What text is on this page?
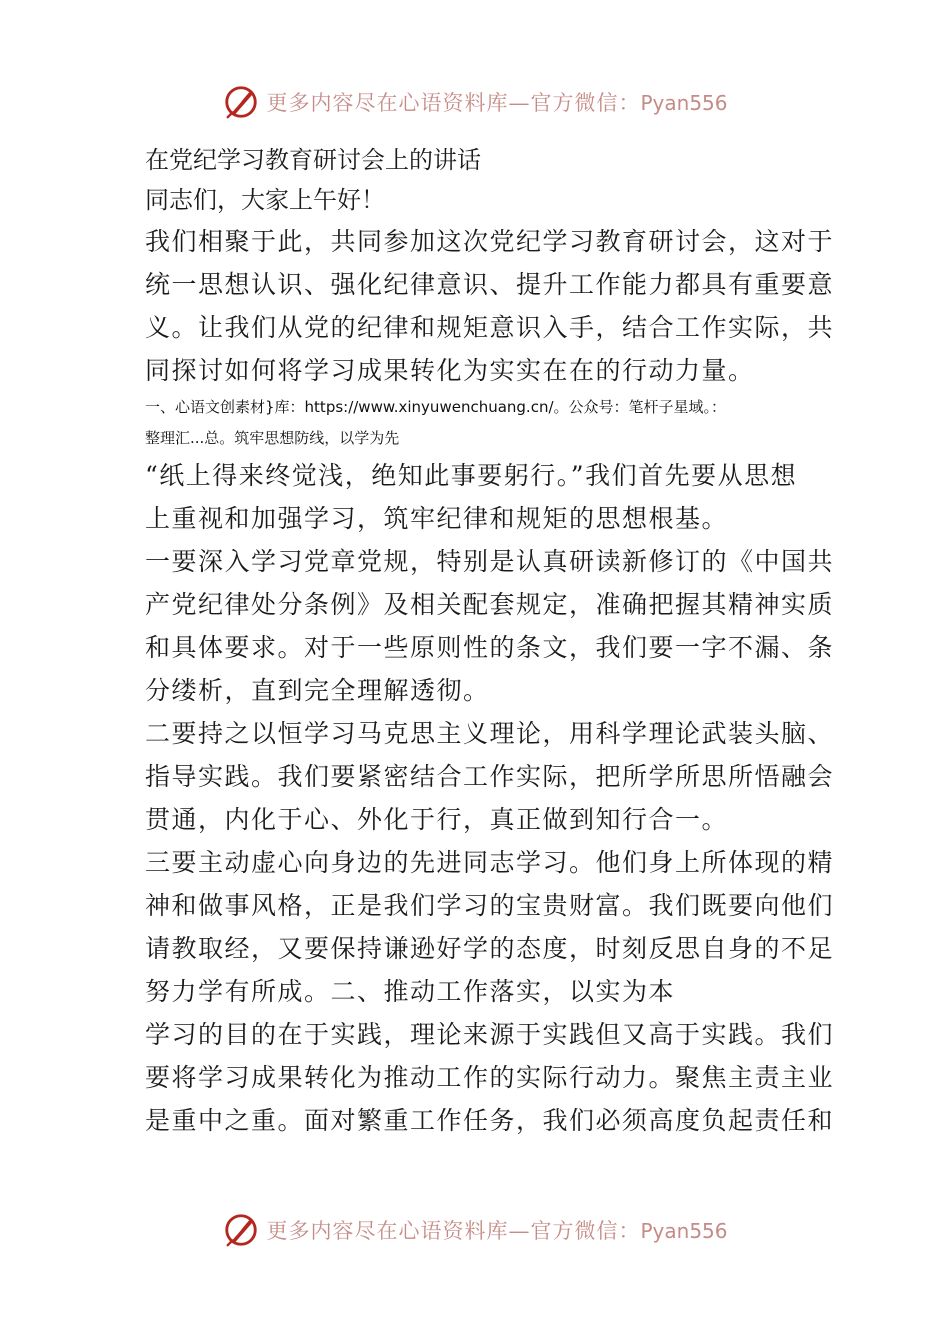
更多内容尽在心语资料库—官方微信：Pyan556
在党纪学习教育研讨会上的讲话
同志们，大家上午好！
我们相聚于此，共同参加这次党纪学习教育研讨会，这对于
统一思想认识、强化纪律意识、提升工作能力都具有重要意
义。让我们从党的纪律和规矩意识入手，结合工作实际，共
同探讨如何将学习成果转化为实实在在的行动力量。
一、心语文创素材}库：https://www.xinyuwenchuang.cn/。公众号：笔杆子星域。：
整理汇...总。筑牢思想防线，以学为先
“纸上得来终觉浅，绝知此事要躬行。”我们首先要从思想
上重视和加强学习，筑牢纪律和规矩的思想根基。
一要深入学习党章党规，特别是认真研读新修订的《中国共
产党纪律处分条例》及相关配套规定，准确把握其精神实质
和具体要求。对于一些原则性的条文，我们要一字不漏、条
分缕析，直到完全理解透彻。
二要持之以恒学习马克思主义理论，用科学理论武装头脑、
指导实践。我们要紧密结合工作实际，把所学所思所悟融会
贯通，内化于心、外化于行，真正做到知行合一。
三要主动虚心向身边的先进同志学习。他们身上所体现的精
神和做事风格，正是我们学习的宝贵财富。我们既要向他们
请教取经，又要保持谦逊好学的态度，时刻反思自身的不足
努力学有所成。二、推动工作落实，以实为本
学习的目的在于实践，理论来源于实践但又高于实践。我们
要将学习成果转化为推动工作的实际行动力。聚焦主责主业
是重中之重。面对繁重工作任务，我们必须高度负起责任和
更多内容尽在心语资料库—官方微信：Pyan556
